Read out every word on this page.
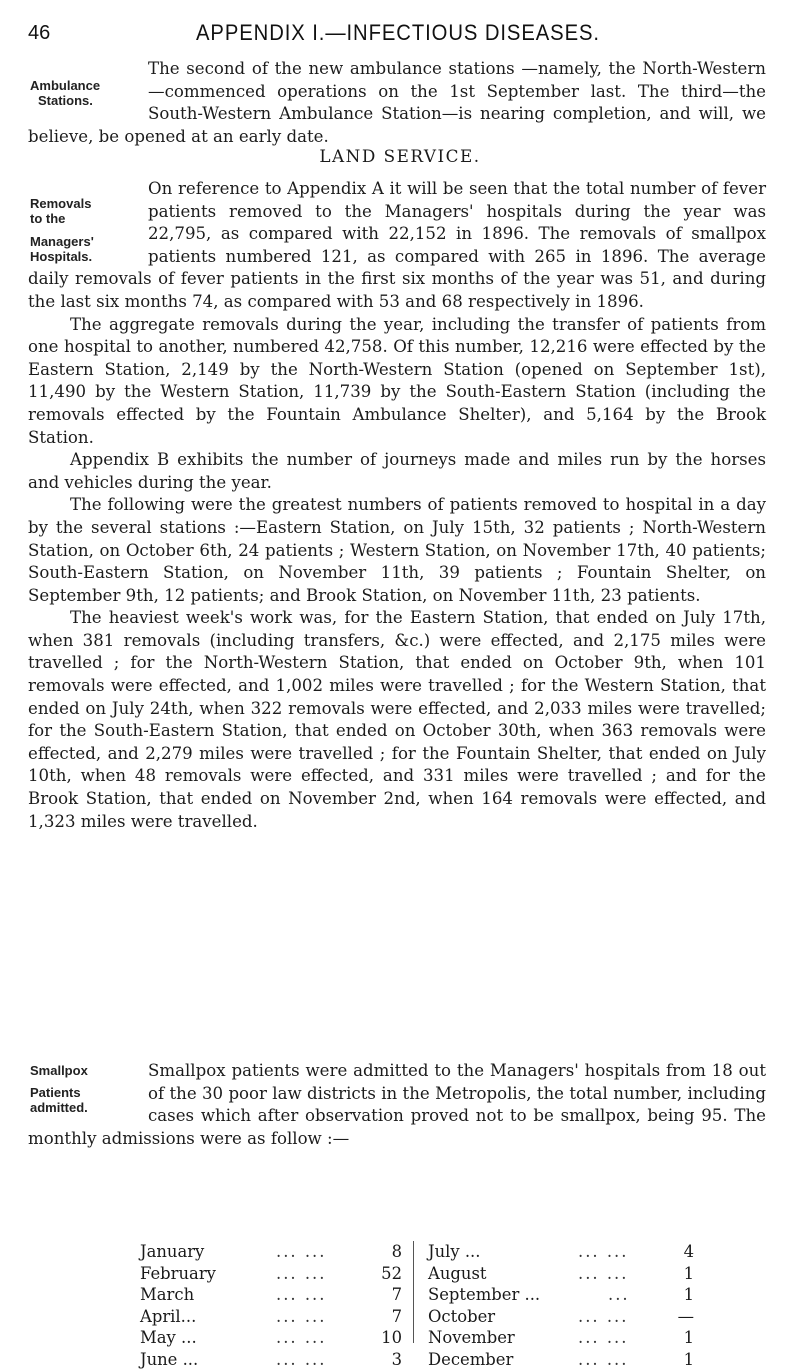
46	APPENDIX I.—INFECTIOUS DISEASES.
Ambulance
Stations.
Removals
to the
Managers'
Hospitals.
Smallpox
Patients
admitted.

The second of the new ambulance stations —namely, the North-Western—commenced operations on the 1st September last. The third—the South-Western Ambulance Station—is nearing completion, and will, we believe, be opened at an early date.

LAND SERVICE.

On reference to Appendix A it will be seen that the total number of fever patients removed to the Managers' hospitals during the year was 22,795, as compared with 22,152 in 1896. The removals of smallpox patients numbered 121, as compared with 265 in 1896. The average daily removals of fever patients in the first six months of the year was 51, and during the last six months 74, as compared with 53 and 68 respectively in 1896.

The aggregate removals during the year, including the transfer of patients from one hospital to another, numbered 42,758. Of this number, 12,216 were effected by the Eastern Station, 2,149 by the North-Western Station (opened on September 1st), 11,490 by the Western Station, 11,739 by the South-Eastern Station (including the removals effected by the Fountain Ambulance Shelter), and 5,164 by the Brook Station.

Appendix B exhibits the number of journeys made and miles run by the horses and vehicles during the year.

The following were the greatest numbers of patients removed to hospital in a day by the several stations :—Eastern Station, on July 15th, 32 patients ; North-Western Station, on October 6th, 24 patients ; Western Station, on November 17th, 40 patients; South-Eastern Station, on November 11th, 39 patients ; Fountain Shelter, on September 9th, 12 patients; and Brook Station, on November 11th, 23 patients.

The heaviest week's work was, for the Eastern Station, that ended on July 17th, when 381 removals (including transfers, &c.) were effected, and 2,175 miles were travelled ; for the North-Western Station, that ended on October 9th, when 101 removals were effected, and 1,002 miles were travelled ; for the Western Station, that ended on July 24th, when 322 removals were effected, and 2,033 miles were travelled; for the South-Eastern Station, that ended on October 30th, when 363 removals were effected, and 2,279 miles were travelled ; for the Fountain Shelter, that ended on July 10th, when 48 removals were effected, and 331 miles were travelled ; and for the Brook Station, that ended on November 2nd, when 164 removals were effected, and 1,323 miles were travelled.

Smallpox patients were admitted to the Managers' hospitals from 18 out of the 30 poor law districts in the Metropolis, the total number, including cases which after observation proved not to be smallpox, being 95. The monthly admissions were as follow :—

January	... ...	8
February	... ...	52
March	... ...	7
April...	... ...	7
May ...	... ...	10
June ...	... ...	3
July ...	... ...	4
August	... ...	1
September ...	...	1
October	... ...	—
November	... ...	1
December	... ...	1
